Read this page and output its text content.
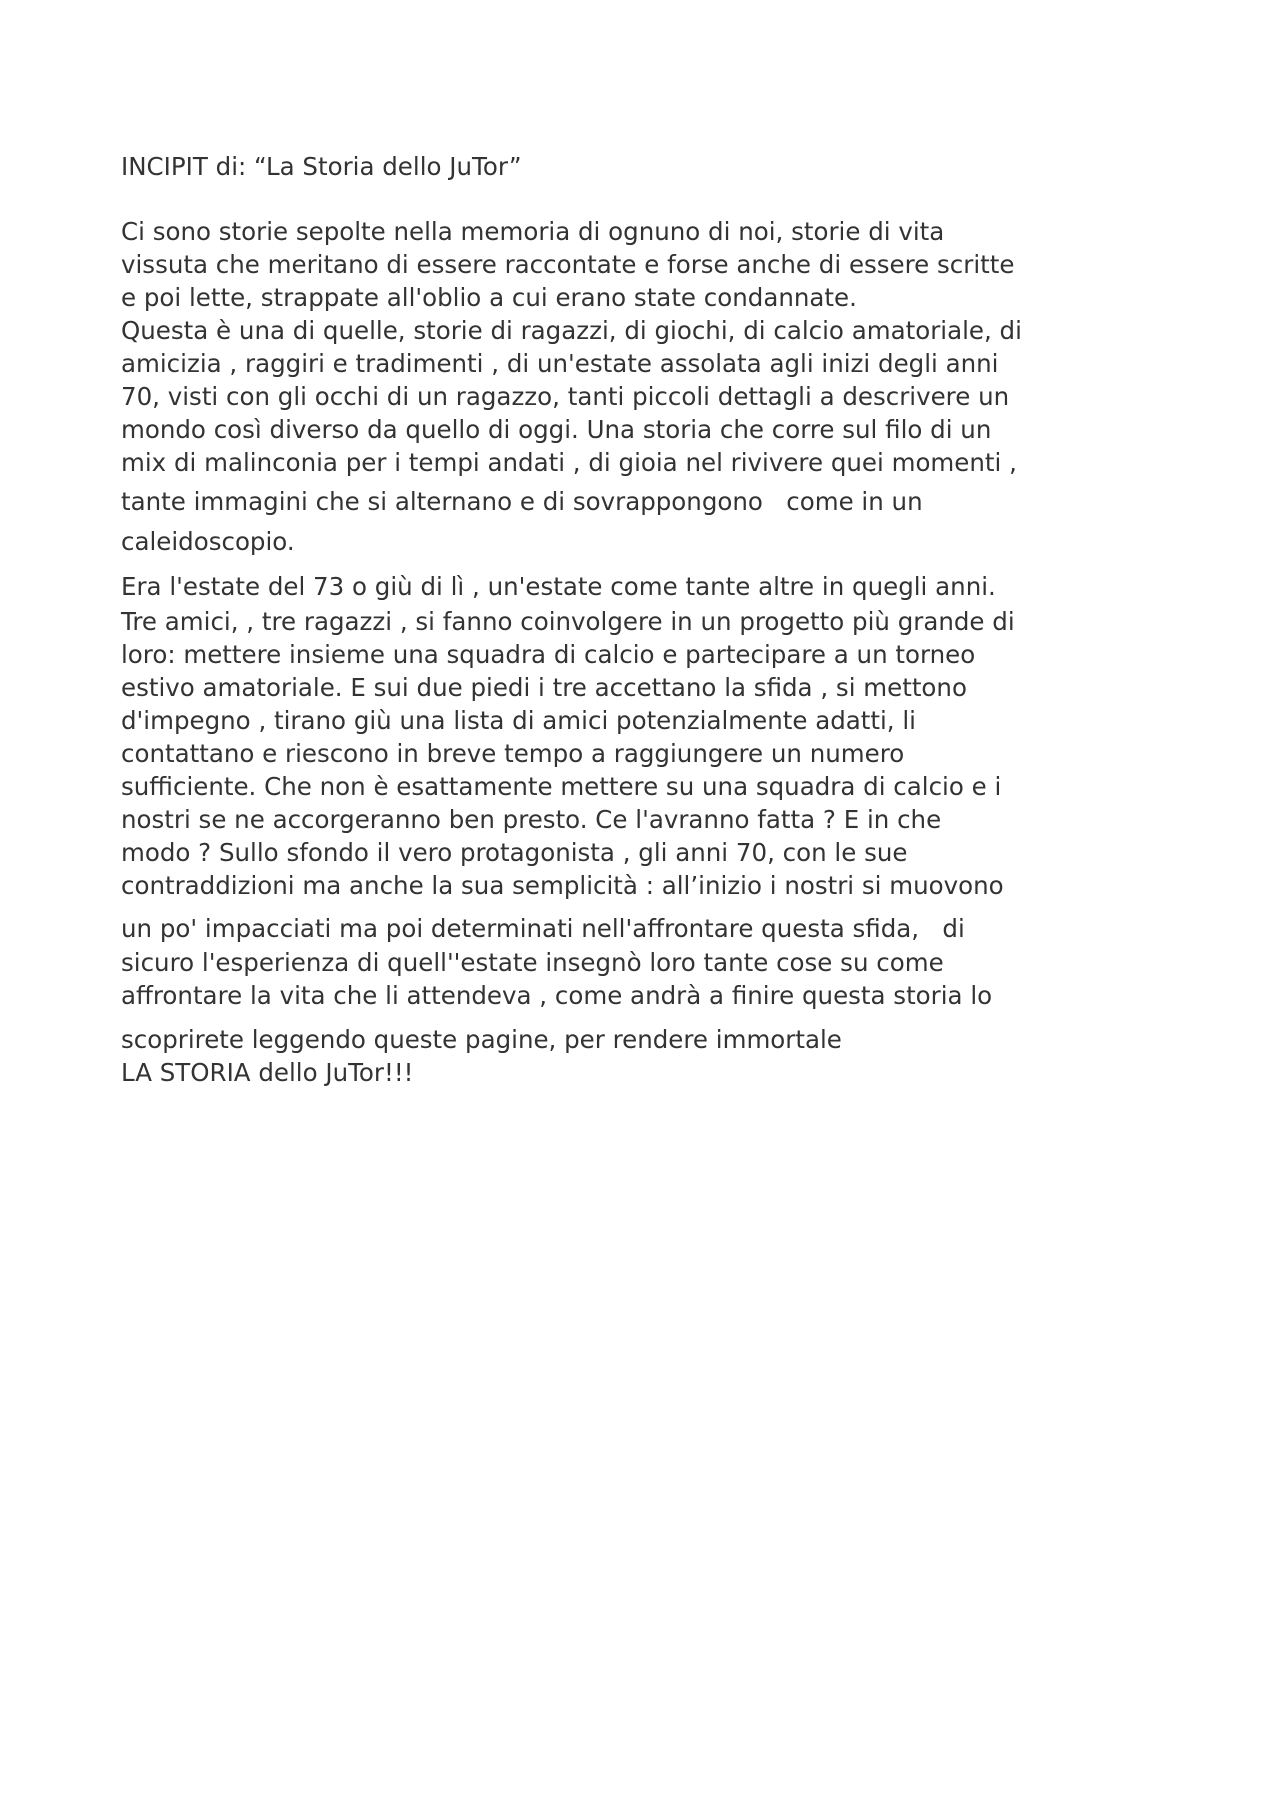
INCIPIT di: “La Storia dello JuTor”
Ci sono storie sepolte nella memoria di ognuno di noi, storie di vita
vissuta che meritano di essere raccontate e forse anche di essere scritte
e poi lette, strappate all'oblio a cui erano state condannate.
Questa è una di quelle, storie di ragazzi, di giochi, di calcio amatoriale, di
amicizia , raggiri e tradimenti , di un'estate assolata agli inizi degli anni
70, visti con gli occhi di un ragazzo, tanti piccoli dettagli a descrivere un
mondo così diverso da quello di oggi. Una storia che corre sul filo di un
mix di malinconia per i tempi andati , di gioia nel rivivere quei momenti ,
tante immagini che si alternano e di sovrappongono   come in un
caleidoscopio.
Era l'estate del 73 o giù di lì , un'estate come tante altre in quegli anni.
Tre amici, , tre ragazzi , si fanno coinvolgere in un progetto più grande di
loro: mettere insieme una squadra di calcio e partecipare a un torneo
estivo amatoriale. E sui due piedi i tre accettano la sfida , si mettono
d'impegno , tirano giù una lista di amici potenzialmente adatti, li
contattano e riescono in breve tempo a raggiungere un numero
sufficiente. Che non è esattamente mettere su una squadra di calcio e i
nostri se ne accorgeranno ben presto. Ce l'avranno fatta ? E in che
modo ? Sullo sfondo il vero protagonista , gli anni 70, con le sue
contraddizioni ma anche la sua semplicità : all’inizio i nostri si muovono
un po' impacciati ma poi determinati nell'affrontare questa sfida,   di
sicuro l'esperienza di quell''estate insegnò loro tante cose su come
affrontare la vita che li attendeva , come andrà a finire questa storia lo
scoprirete leggendo queste pagine, per rendere immortale
LA STORIA dello JuTor!!!
